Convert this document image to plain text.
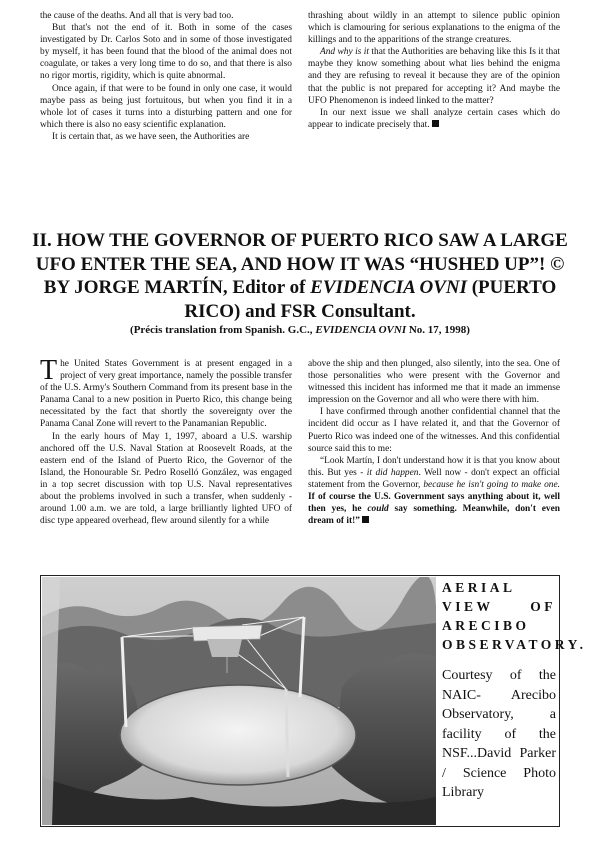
the cause of the deaths. And all that is very bad too.

But that's not the end of it. Both in some of the cases investigated by Dr. Carlos Soto and in some of those investigated by myself, it has been found that the blood of the animal does not coagulate, or takes a very long time to do so, and that there is also no rigor mortis, rigidity, which is quite abnormal.

Once again, if that were to be found in only one case, it would maybe pass as being just fortuitous, but when you find it in a whole lot of cases it turns into a disturbing pattern and one for which there is also no easy scientific explanation.

It is certain that, as we have seen, the Authorities are

thrashing about wildly in an attempt to silence public opinion which is clamouring for serious explanations to the enigma of the killings and to the apparitions of the strange creatures.

And why is it that the Authorities are behaving like this Is it that maybe they know something about what lies behind the enigma and they are refusing to reveal it because they are of the opinion that the public is not prepared for accepting it? And maybe the UFO Phenomenon is indeed linked to the matter?

In our next issue we shall analyze certain cases which do appear to indicate precisely that.

II. HOW THE GOVERNOR OF PUERTO RICO SAW A LARGE UFO ENTER THE SEA, AND HOW IT WAS “HUSHED UP”! © BY JORGE MARTÍN, Editor of EVIDENCIA OVNI (PUERTO RICO) and FSR Consultant.

(Précis translation from Spanish. G.C., EVIDENCIA OVNI No. 17, 1998)

The United States Government is at present engaged in a project of very great importance, namely the possible transfer of the U.S. Army's Southern Command from its present base in the Panama Canal to a new position in Puerto Rico, this change being necessitated by the fact that shortly the sovereignty over the Panama Canal Zone will revert to the Panamanian Republic.

In the early hours of May 1, 1997, aboard a U.S. warship anchored off the U.S. Naval Station at Roosevelt Roads, at the eastern end of the Island of Puerto Rico, the Governor of the Island, the Honourable Sr. Pedro Roselló González, was engaged in a top secret discussion with top U.S. Naval representatives about the problems involved in such a transfer, when suddenly - around 1.00 a.m. we are told, a large brilliantly lighted UFO of disc type appeared overhead, flew around silently for a while

above the ship and then plunged, also silently, into the sea. One of those personalities who were present with the Governor and witnessed this incident has informed me that it made an immense impression on the Governor and all who were there with him.

I have confirmed through another confidential channel that the incident did occur as I have related it, and that the Governor of Puerto Rico was indeed one of the witnesses. And this confidential source said this to me:

“Look Martín, I don't understand how it is that you know about this. But yes - it did happen. Well now - don't expect an official statement from the Governor, because he isn't going to make one. If of course the U.S. Government says anything about it, well then yes, he could say something. Meanwhile, don't even dream of it!”

AERIAL VIEW OF ARECIBO OBSERVATORY.

Courtesy of the NAIC- Arecibo Observatory, a facility of the NSF...David Parker / Science Photo Library
